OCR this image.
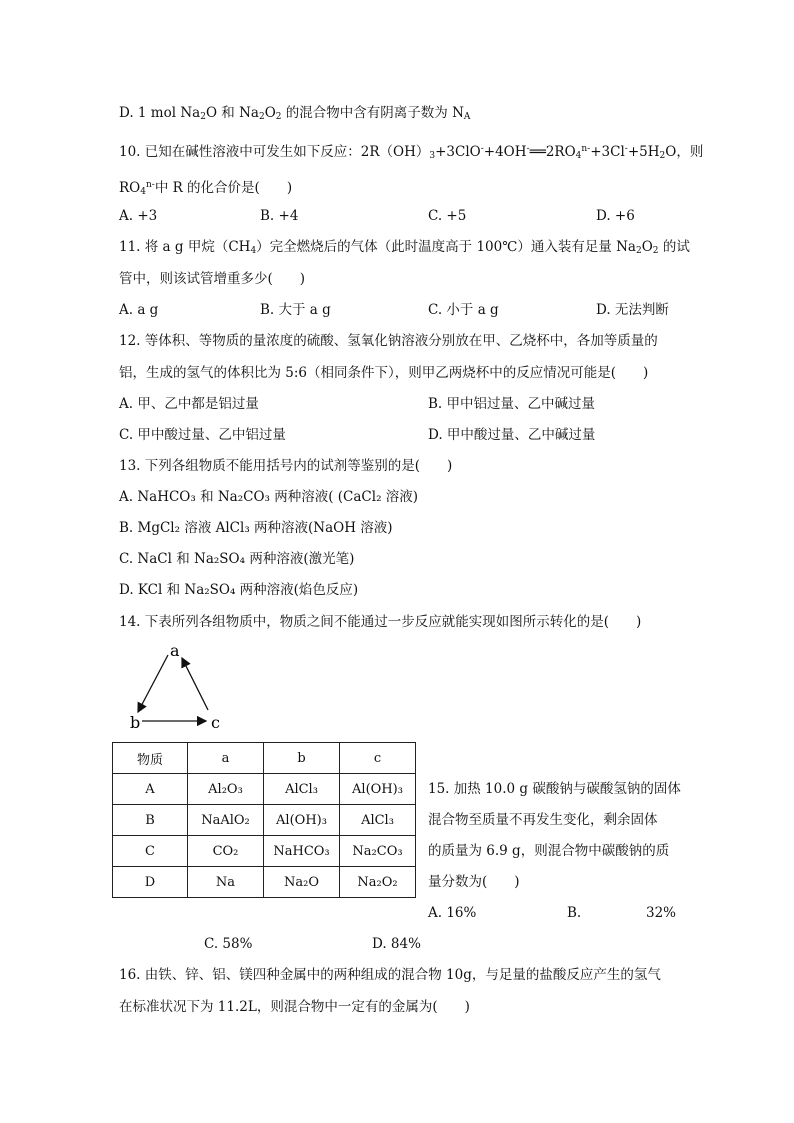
D. 1 mol $Na_2O$ 和 $Na_2O_2$ 的混合物中含有阴离子数为 $N_A$
10. 已知在碱性溶液中可发生如下反应：$2R(OH)_3+3ClO^-+4OH^-══2RO_4^{n-}+3Cl^-+5H_2O$，则
$RO_4^{n-}$中 R 的化合价是(　　)
A. +3	B. +4	C. +5	D. +6
11. 将 a g 甲烷$(CH_4)$完全燃烧后的气体（此时温度高于 100℃）通入装有足量 $Na_2O_2$ 的试
管中，则该试管增重多少(　　)
A. a g	B. 大于 a g	C. 小于 a g	D. 无法判断
12. 等体积、等物质的量浓度的硫酸、氢氧化钠溶液分别放在甲、乙烧杯中，各加等质量的
铝，生成的氢气的体积比为 5:6（相同条件下），则甲乙两烧杯中的反应情况可能是(　　)
A. 甲、乙中都是铝过量	B. 甲中铝过量、乙中碱过量
C. 甲中酸过量、乙中铝过量	D. 甲中酸过量、乙中碱过量
13. 下列各组物质不能用括号内的试剂等鉴别的是(　　)
A. NaHCO₃ 和 Na₂CO₃ 两种溶液( (CaCl₂ 溶液)
B. MgCl₂ 溶液 AlCl₃ 两种溶液(NaOH 溶液)
C. NaCl 和 Na₂SO₄ 两种溶液(激光笔)
D. KCl 和 Na₂SO₄ 两种溶液(焰色反应)
14. 下表所列各组物质中，物质之间不能通过一步反应就能实现如图所示转化的是(　　)
a
b	c
物质	a	b	c
A	Al₂O₃	AlCl₃	Al(OH)₃
B	NaAlO₂	Al(OH)₃	AlCl₃
C	CO₂	NaHCO₃	Na₂CO₃
D	Na	Na₂O	Na₂O₂
15. 加热 10.0 g 碳酸钠与碳酸氢钠的固体
混合物至质量不再发生变化，剩余固体
的质量为 6.9 g，则混合物中碳酸钠的质
量分数为(　　)
A. 16%	B.	32%
C. 58%	D. 84%
16. 由铁、锌、铝、镁四种金属中的两种组成的混合物 10g，与足量的盐酸反应产生的氢气
在标准状况下为 11.2L，则混合物中一定有的金属为(　　)
